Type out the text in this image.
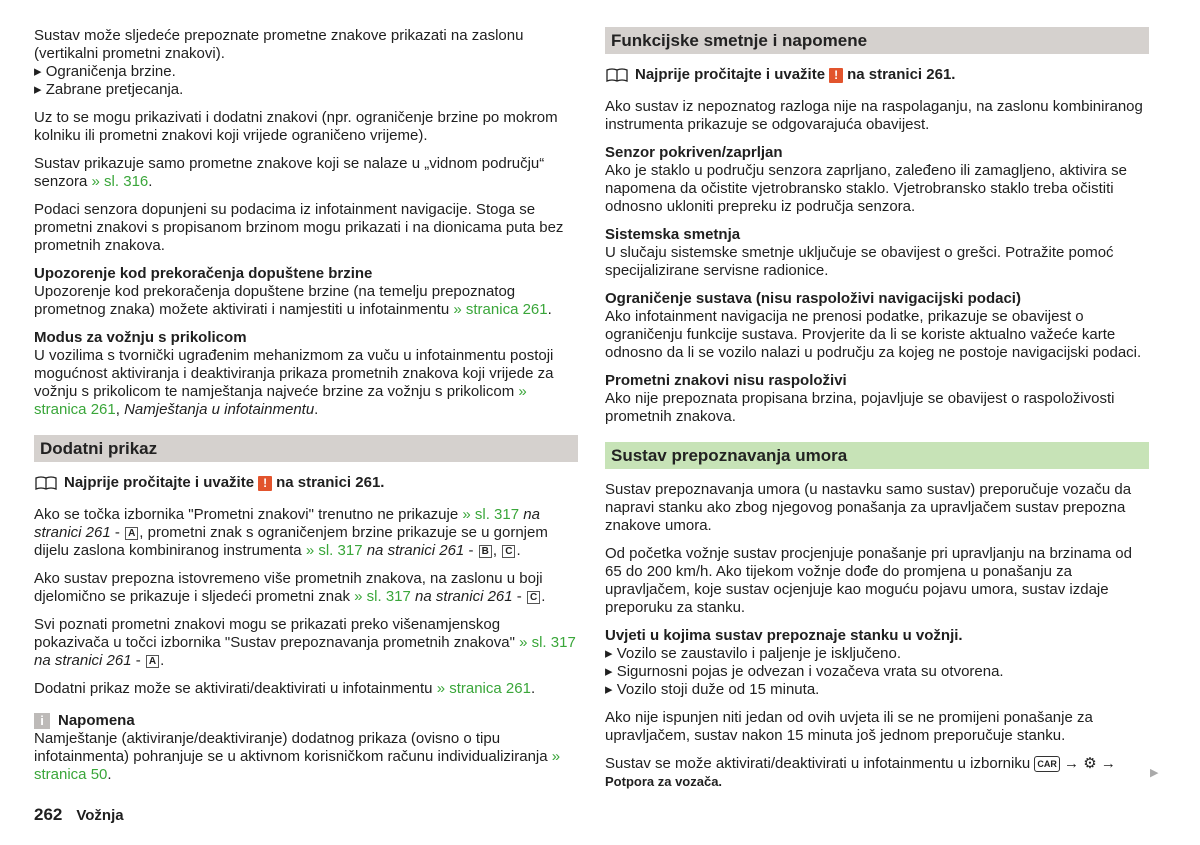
Sustav može sljedeće prepoznate prometne znakove prikazati na zaslonu (vertikalni prometni znakovi).

▸ Ograničenja brzine.

▸ Zabrane pretjecanja.

Uz to se mogu prikazivati i dodatni znakovi (npr. ograničenje brzine po mokrom kolniku ili prometni znakovi koji vrijede ograničeno vrijeme).

Sustav prikazuje samo prometne znakove koji se nalaze u „vidnom području“ senzora » sl. 316.

Podaci senzora dopunjeni su podacima iz infotainment navigacije. Stoga se prometni znakovi s propisanom brzinom mogu prikazati i na dionicama puta bez prometnih znakova.

Upozorenje kod prekoračenja dopuštene brzine

Upozorenje kod prekoračenja dopuštene brzine (na temelju prepoznatog prometnog znaka) možete aktivirati i namjestiti u infotainmentu » stranica 261.

Modus za vožnju s prikolicom

U vozilima s tvornički ugrađenim mehanizmom za vuču u infotainmentu postoji mogućnost aktiviranja i deaktiviranja prikaza prometnih znakova koji vrijede za vožnju s prikolicom te namještanja najveće brzine za vožnju s prikolicom » stranica 261, Namještanja u infotainmentu.

Dodatni prikaz
Najprije pročitajte i uvažite ! na stranici 261.

Ako se točka izbornika "Prometni znakovi" trenutno ne prikazuje » sl. 317 na stranici 261 - A , prometni znak s ograničenjem brzine prikazuje se u gornjem dijelu zaslona kombiniranog instrumenta » sl. 317 na stranici 261 - B , C .

Ako sustav prepozna istovremeno više prometnih znakova, na zaslonu u boji djelomično se prikazuje i sljedeći prometni znak » sl. 317 na stranici 261 - C .

Svi poznati prometni znakovi mogu se prikazati preko višenamjenskog pokazivača u točci izbornika "Sustav prepoznavanja prometnih znakova" » sl. 317 na stranici 261 - A .

Dodatni prikaz može se aktivirati/deaktivirati u infotainmentu » stranica 261.

i Napomena

Namještanje (aktiviranje/deaktiviranje) dodatnog prikaza (ovisno o tipu infotainmenta) pohranjuje se u aktivnom korisničkom računu individualiziranja » stranica 50.

Funkcijske smetnje i napomene
Najprije pročitajte i uvažite ! na stranici 261.

Ako sustav iz nepoznatog razloga nije na raspolaganju, na zaslonu kombiniranog instrumenta prikazuje se odgovarajuća obavijest.

Senzor pokriven/zaprljan

Ako je staklo u području senzora zaprljano, zaleđeno ili zamagljeno, aktivira se napomena da očistite vjetrobransko staklo. Vjetrobransko staklo treba očistiti odnosno ukloniti prepreku iz područja senzora.

Sistemska smetnja

U slučaju sistemske smetnje uključuje se obavijest o grešci. Potražite pomoć specijalizirane servisne radionice.

Ograničenje sustava (nisu raspoloživi navigacijski podaci)

Ako infotainment navigacija ne prenosi podatke, prikazuje se obavijest o ograničenju funkcije sustava. Provjerite da li se koriste aktualno važeće karte odnosno da li se vozilo nalazi u području za kojeg ne postoje navigacijski podaci.

Prometni znakovi nisu raspoloživi

Ako nije prepoznata propisana brzina, pojavljuje se obavijest o raspoloživosti prometnih znakova.

Sustav prepoznavanja umora

Sustav prepoznavanja umora (u nastavku samo sustav) preporučuje vozaču da napravi stanku ako zbog njegovog ponašanja za upravljačem sustav prepozna znakove umora.

Od početka vožnje sustav procjenjuje ponašanje pri upravljanju na brzinama od 65 do 200 km/h. Ako tijekom vožnje dođe do promjena u ponašanju za upravljačem, koje sustav ocjenjuje kao moguću pojavu umora, sustav izdaje preporuku za stanku.

Uvjeti u kojima sustav prepoznaje stanku u vožnji.

▸ Vozilo se zaustavilo i paljenje je isključeno.

▸ Sigurnosni pojas je odvezan i vozačeva vrata su otvorena.

▸ Vozilo stoji duže od 15 minuta.

Ako nije ispunjen niti jedan od ovih uvjeta ili se ne promijeni ponašanje za upravljačem, sustav nakon 15 minuta još jednom preporučuje stanku.

Sustav se može aktivirati/deaktivirati u infotainmentu u izborniku CAR → ⚙ →

Potpora za vozača.
▶
262 Vožnja
